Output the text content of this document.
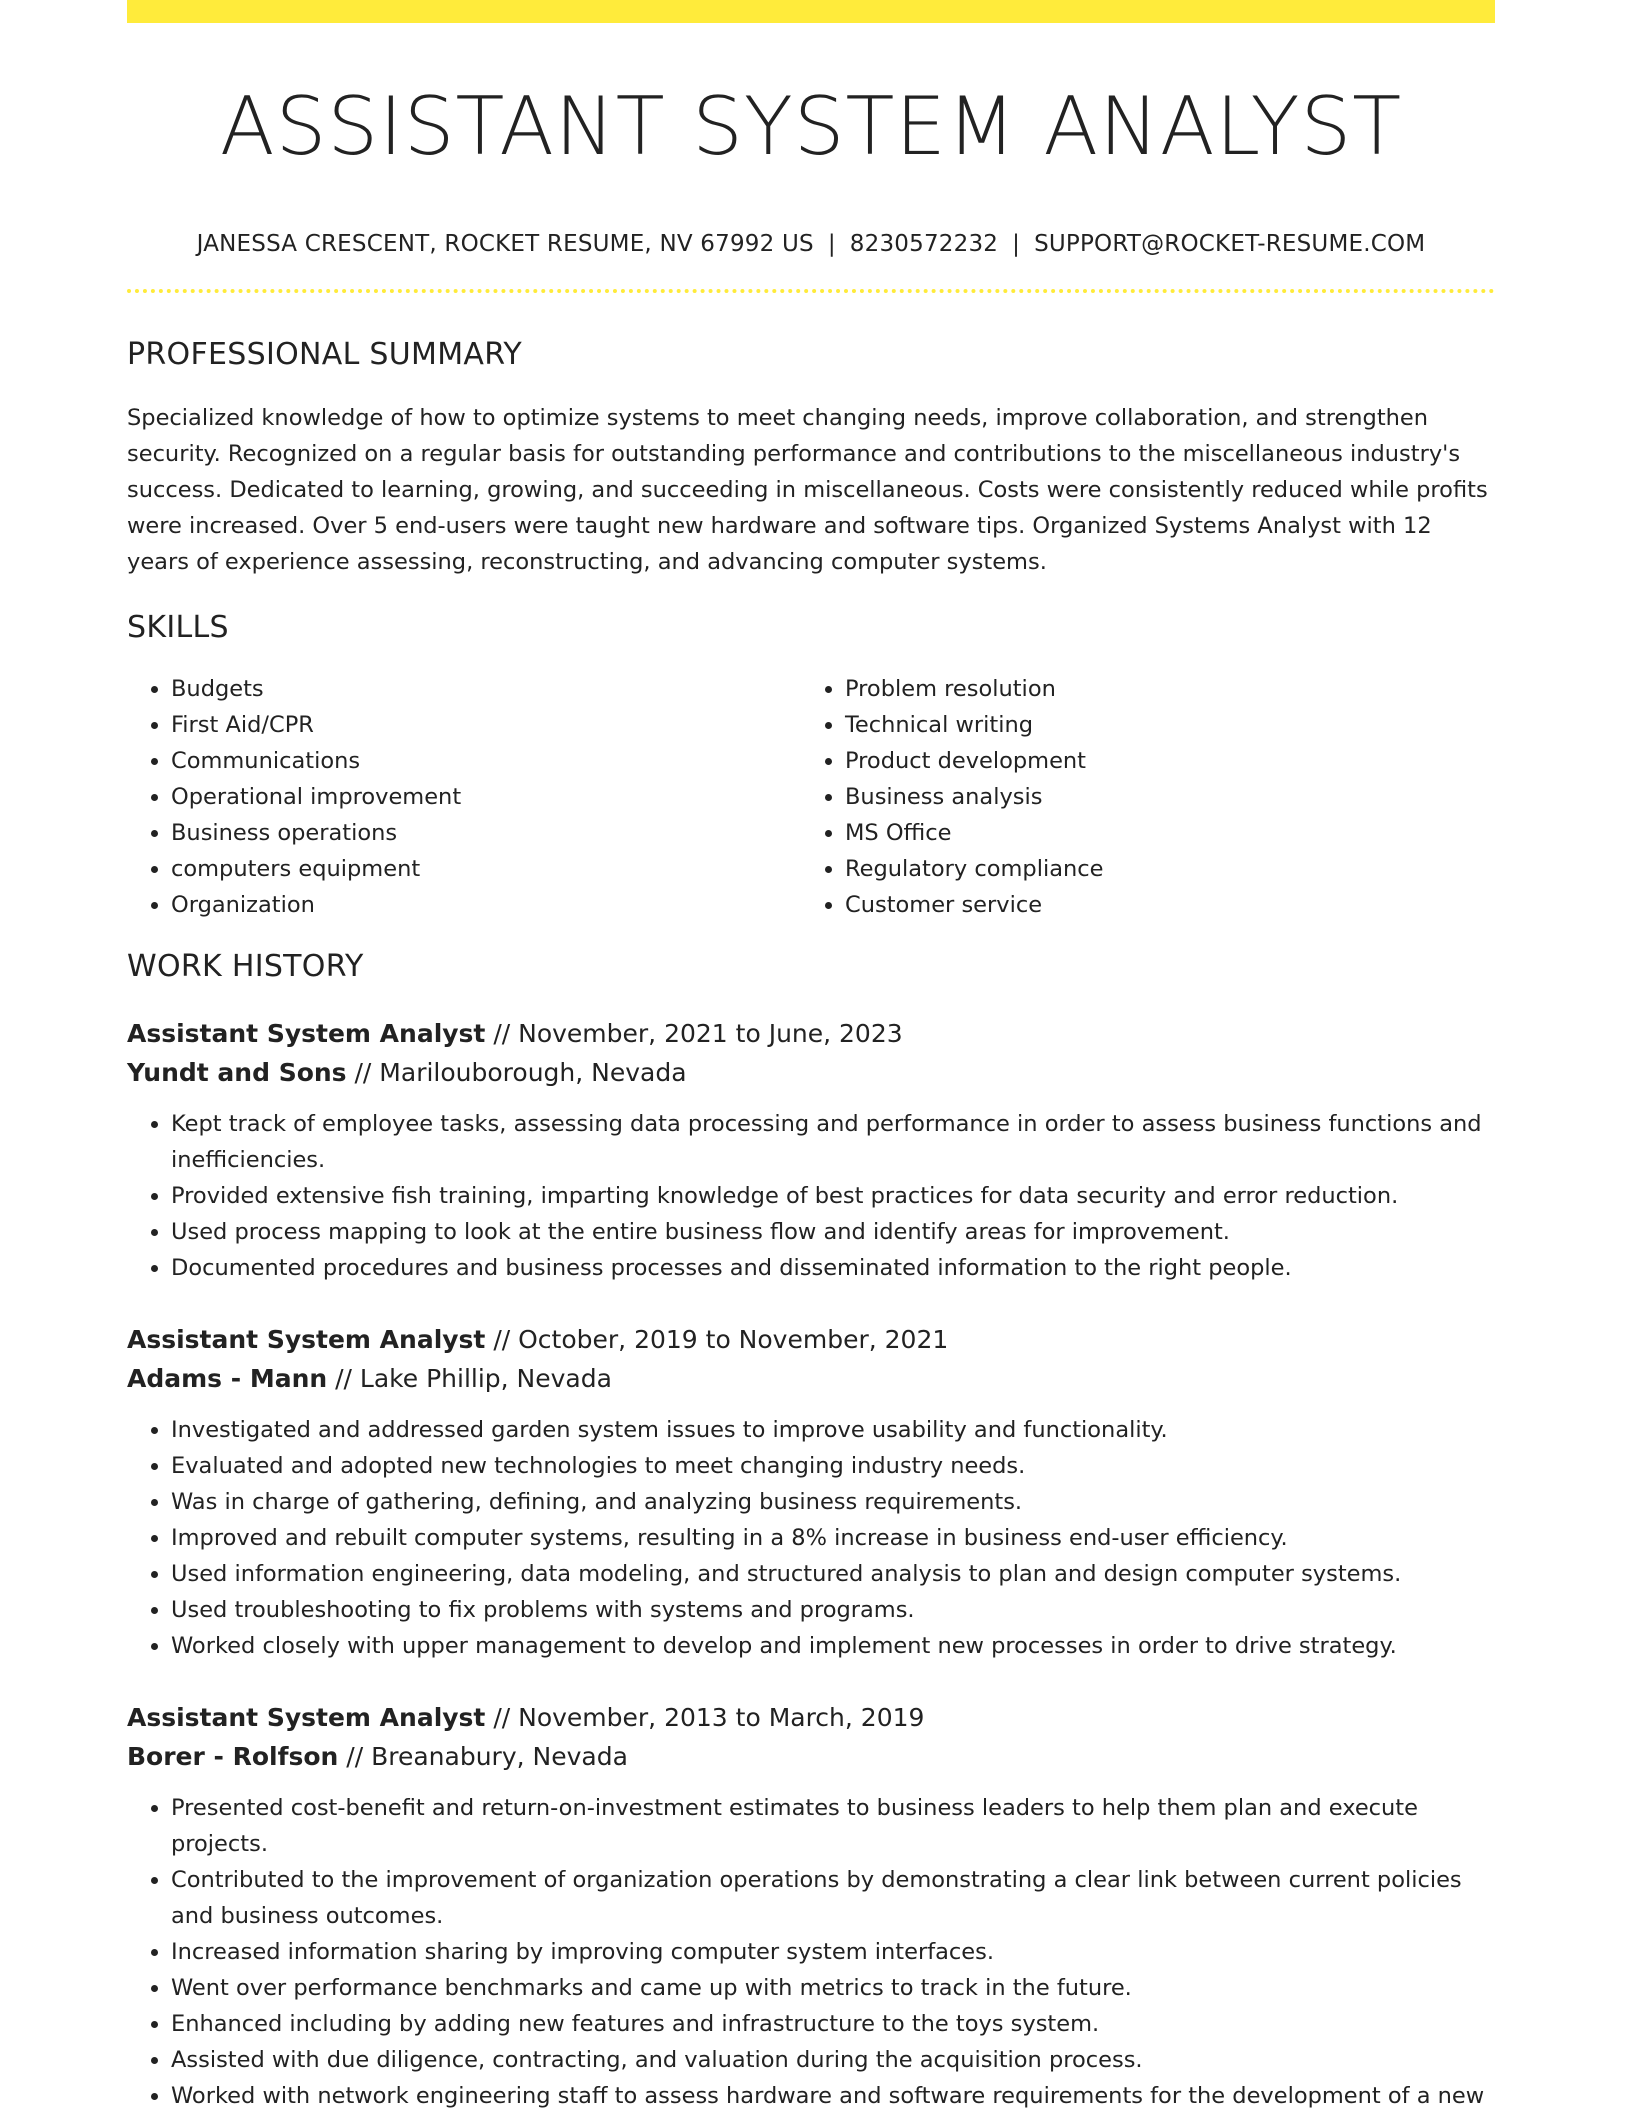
ASSISTANT SYSTEM ANALYST
JANESSA CRESCENT, ROCKET RESUME, NV 67992 US | 8230572232 | SUPPORT@ROCKET-RESUME.COM
PROFESSIONAL SUMMARY

Specialized knowledge of how to optimize systems to meet changing needs, improve collaboration, and strengthen security. Recognized on a regular basis for outstanding performance and contributions to the miscellaneous industry's success. Dedicated to learning, growing, and succeeding in miscellaneous. Costs were consistently reduced while profits were increased. Over 5 end-users were taught new hardware and software tips. Organized Systems Analyst with 12 years of experience assessing, reconstructing, and advancing computer systems.

SKILLS
• Budgets
• First Aid/CPR
• Communications
• Operational improvement
• Business operations
• computers equipment
• Organization
• Problem resolution
• Technical writing
• Product development
• Business analysis
• MS Office
• Regulatory compliance
• Customer service
WORK HISTORY
Assistant System Analyst // November, 2021 to June, 2023
Yundt and Sons // Marilouborough, Nevada
• Kept track of employee tasks, assessing data processing and performance in order to assess business functions and inefficiencies.
• Provided extensive fish training, imparting knowledge of best practices for data security and error reduction.
• Used process mapping to look at the entire business flow and identify areas for improvement.
• Documented procedures and business processes and disseminated information to the right people.
Assistant System Analyst // October, 2019 to November, 2021
Adams - Mann // Lake Phillip, Nevada
• Investigated and addressed garden system issues to improve usability and functionality.
• Evaluated and adopted new technologies to meet changing industry needs.
• Was in charge of gathering, defining, and analyzing business requirements.
• Improved and rebuilt computer systems, resulting in a 8% increase in business end-user efficiency.
• Used information engineering, data modeling, and structured analysis to plan and design computer systems.
• Used troubleshooting to fix problems with systems and programs.
• Worked closely with upper management to develop and implement new processes in order to drive strategy.
Assistant System Analyst // November, 2013 to March, 2019
Borer - Rolfson // Breanabury, Nevada
• Presented cost-benefit and return-on-investment estimates to business leaders to help them plan and execute projects.
• Contributed to the improvement of organization operations by demonstrating a clear link between current policies and business outcomes.
• Increased information sharing by improving computer system interfaces.
• Went over performance benchmarks and came up with metrics to track in the future.
• Enhanced including by adding new features and infrastructure to the toys system.
• Assisted with due diligence, contracting, and valuation during the acquisition process.
• Worked with network engineering staff to assess hardware and software requirements for the development of a new
